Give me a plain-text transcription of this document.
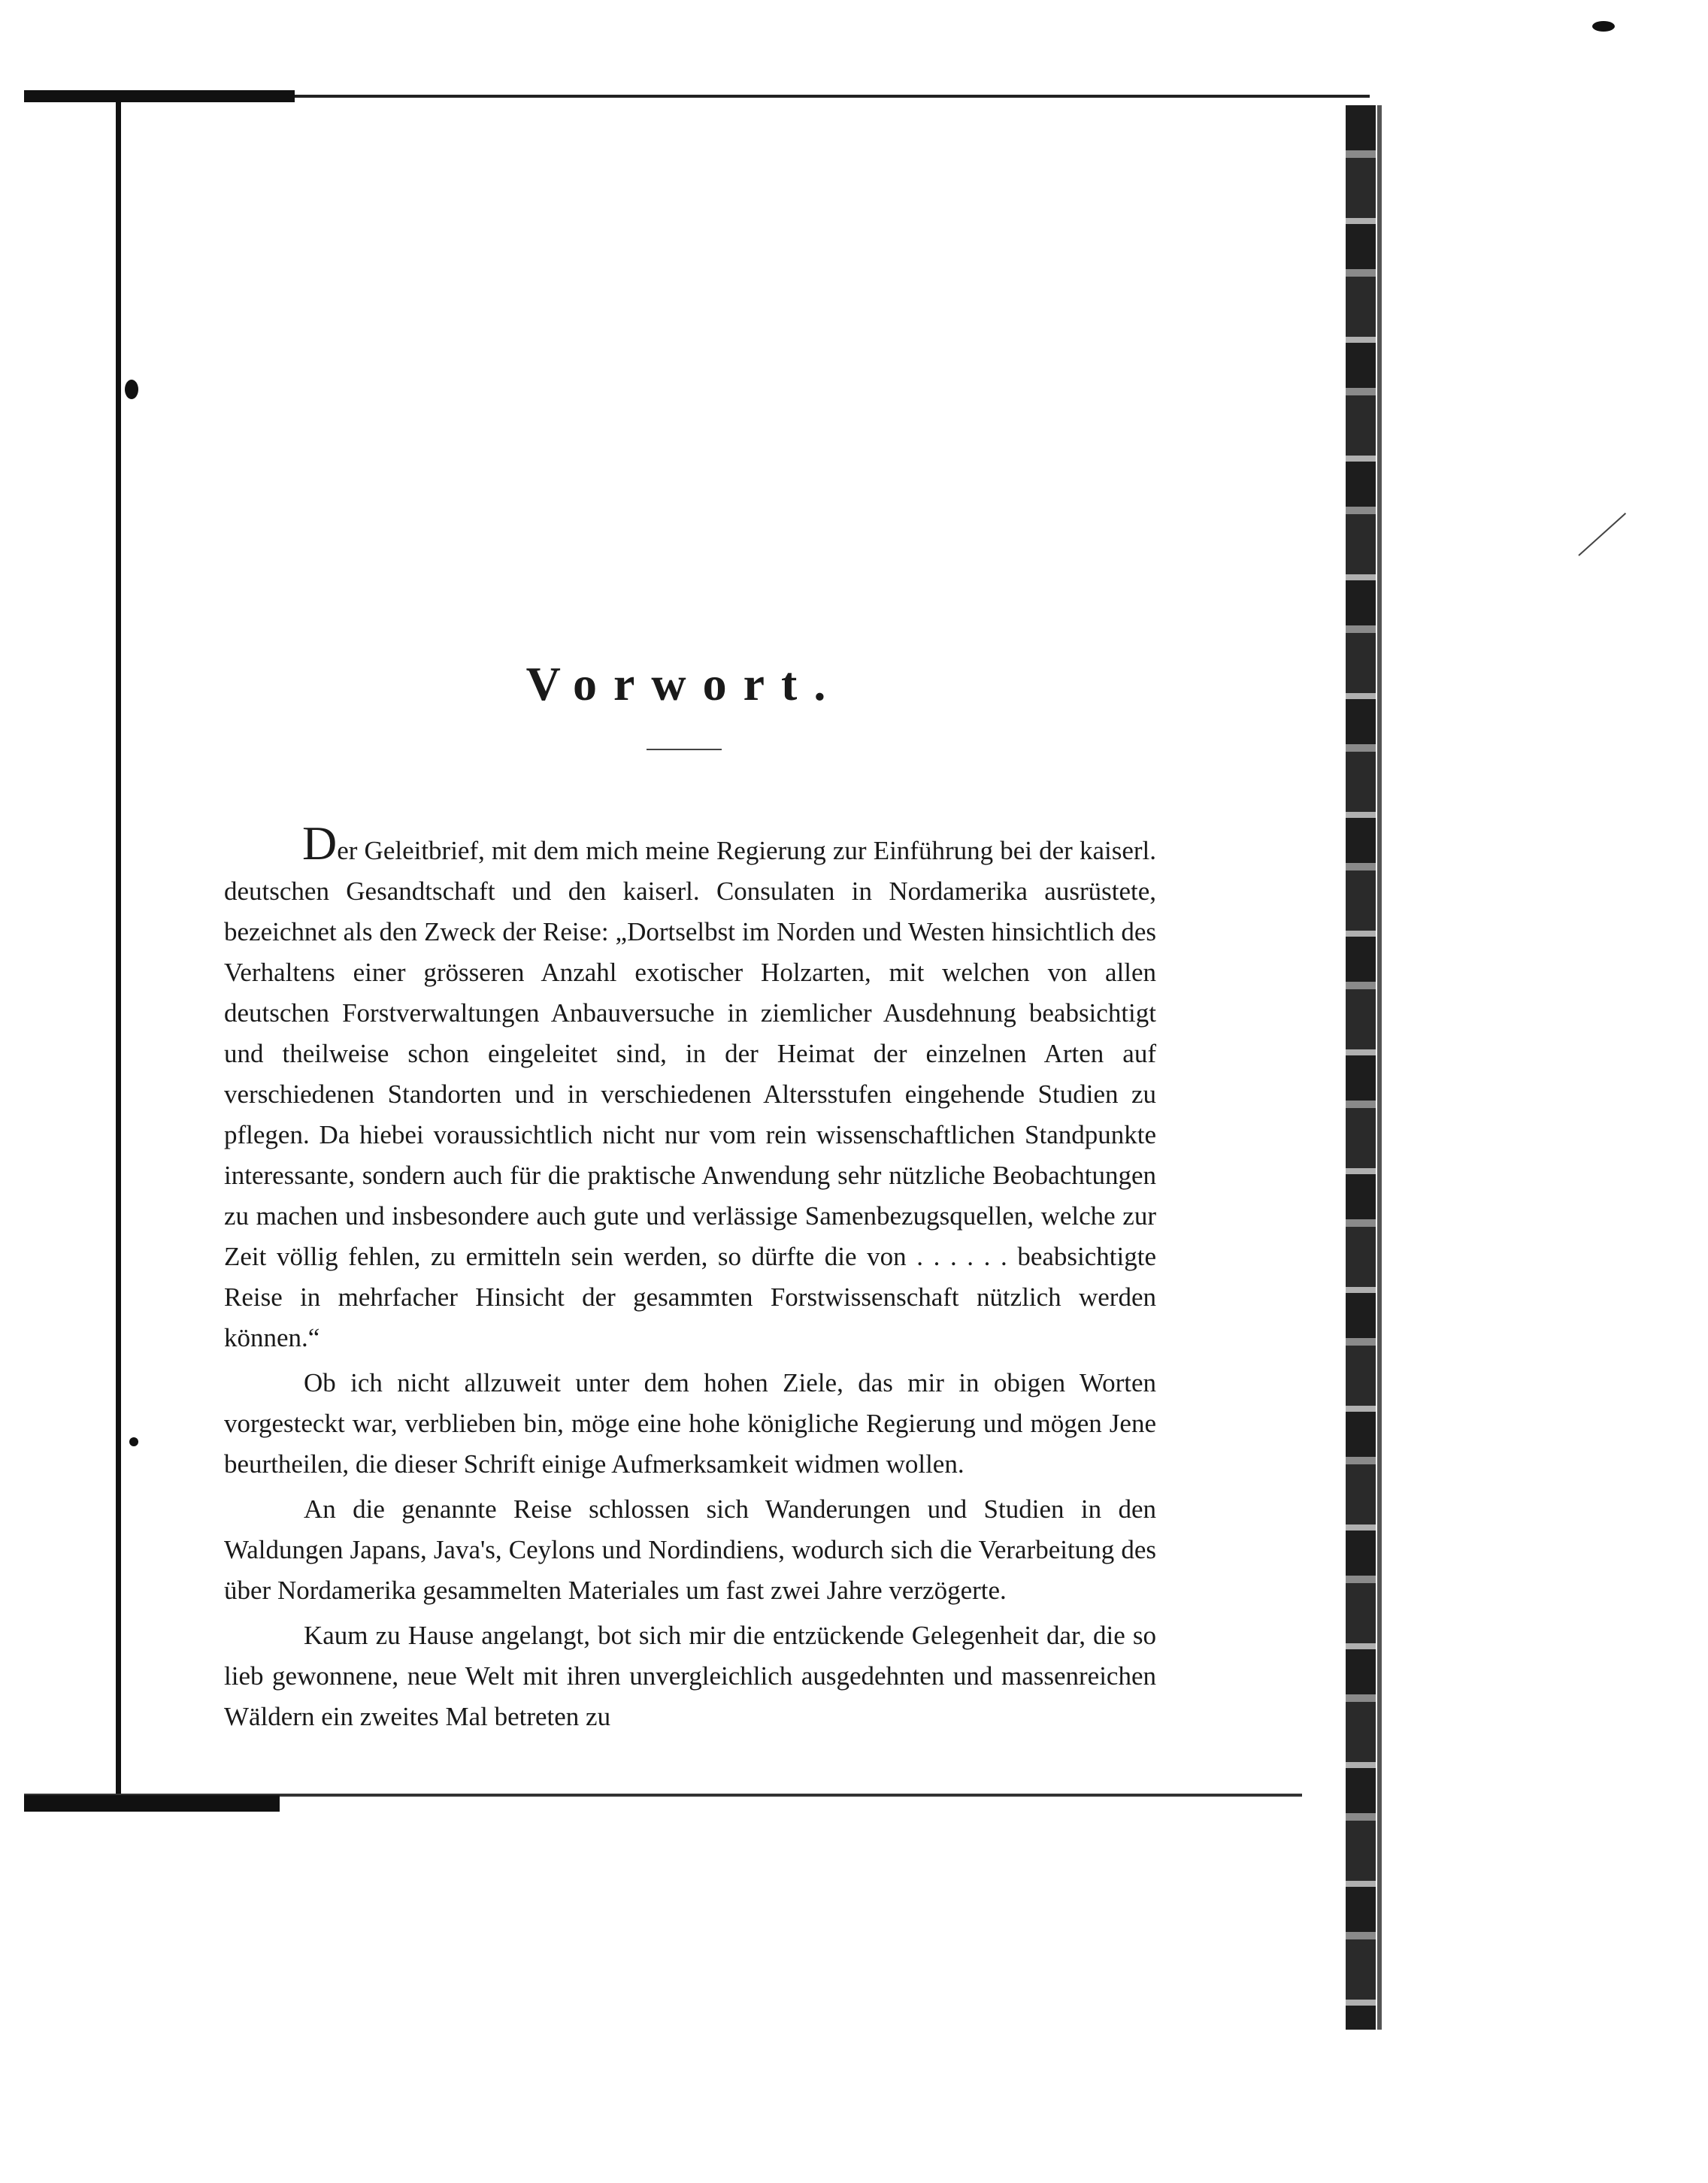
Vorwort.

Der Geleitbrief, mit dem mich meine Regierung zur Einführung bei der kaiserl. deutschen Gesandtschaft und den kaiserl. Consulaten in Nordamerika ausrüstete, bezeichnet als den Zweck der Reise: „Dortselbst im Norden und Westen hinsichtlich des Verhaltens einer grösseren Anzahl exotischer Holzarten, mit welchen von allen deutschen Forstverwaltungen Anbauversuche in ziemlicher Ausdehnung beabsichtigt und theilweise schon eingeleitet sind, in der Heimat der einzelnen Arten auf verschiedenen Standorten und in verschiedenen Altersstufen eingehende Studien zu pflegen. Da hiebei voraussichtlich nicht nur vom rein wissenschaftlichen Standpunkte interessante, sondern auch für die praktische Anwendung sehr nützliche Beobachtungen zu machen und insbesondere auch gute und verlässige Samenbezugsquellen, welche zur Zeit völlig fehlen, zu ermitteln sein werden, so dürfte die von . . . . . . beabsichtigte Reise in mehrfacher Hinsicht der gesammten Forstwissenschaft nützlich werden können.“

Ob ich nicht allzuweit unter dem hohen Ziele, das mir in obigen Worten vorgesteckt war, verblieben bin, möge eine hohe königliche Regierung und mögen Jene beurtheilen, die dieser Schrift einige Aufmerksamkeit widmen wollen.

An die genannte Reise schlossen sich Wanderungen und Studien in den Waldungen Japans, Java's, Ceylons und Nordindiens, wodurch sich die Verarbeitung des über Nordamerika gesammelten Materiales um fast zwei Jahre verzögerte.

Kaum zu Hause angelangt, bot sich mir die entzückende Gelegenheit dar, die so lieb gewonnene, neue Welt mit ihren unvergleichlich ausgedehnten und massenreichen Wäldern ein zweites Mal betreten zu
